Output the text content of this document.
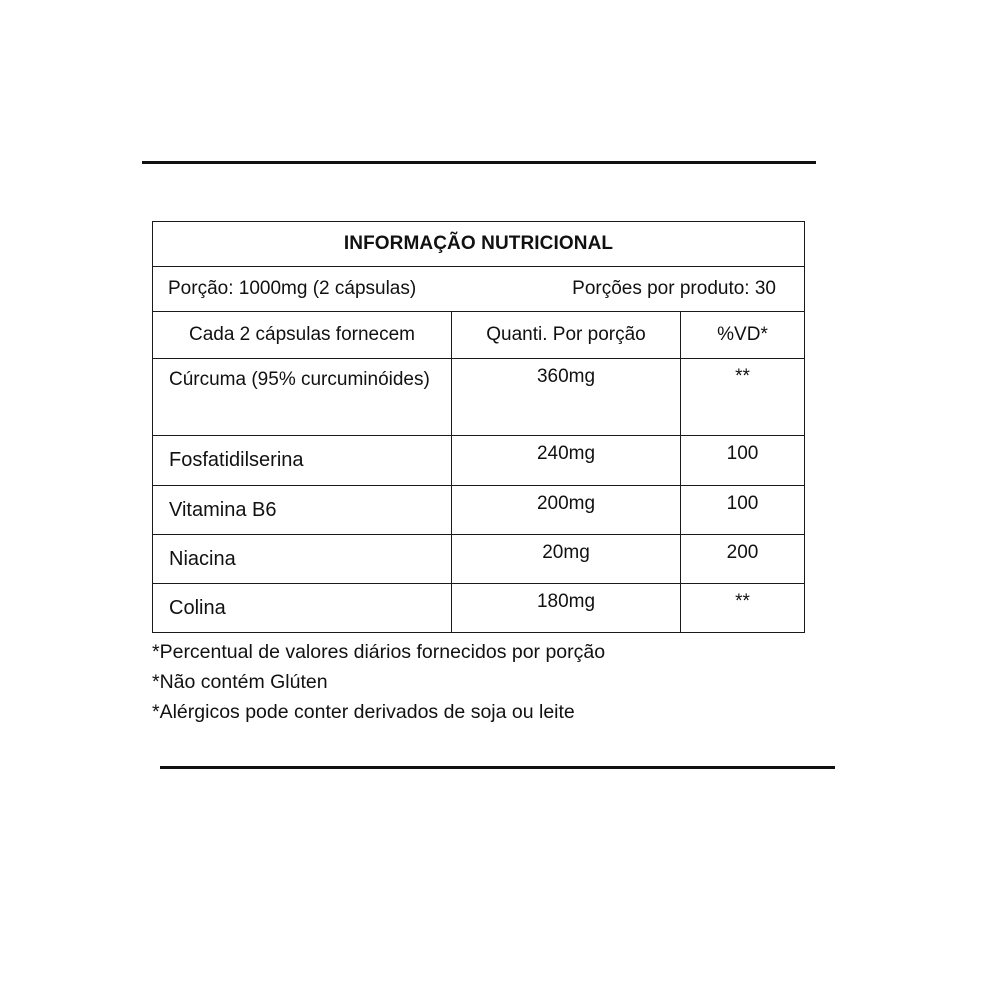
INFORMAÇÃO NUTRICIONAL		

Porção: 1000mg (2 cápsulas) Porções por produto: 30		

Cada 2 cápsulas fornecem	Quanti. Por porção	%VD*
Cúrcuma (95% curcuminóides)	360mg	**
Fosfatidilserina	240mg	100
Vitamina B6	200mg	100
Niacina	20mg	200
Colina	180mg	**
*Percentual de valores diários fornecidos por porção
*Não contém Glúten
*Alérgicos pode conter derivados de soja ou leite
